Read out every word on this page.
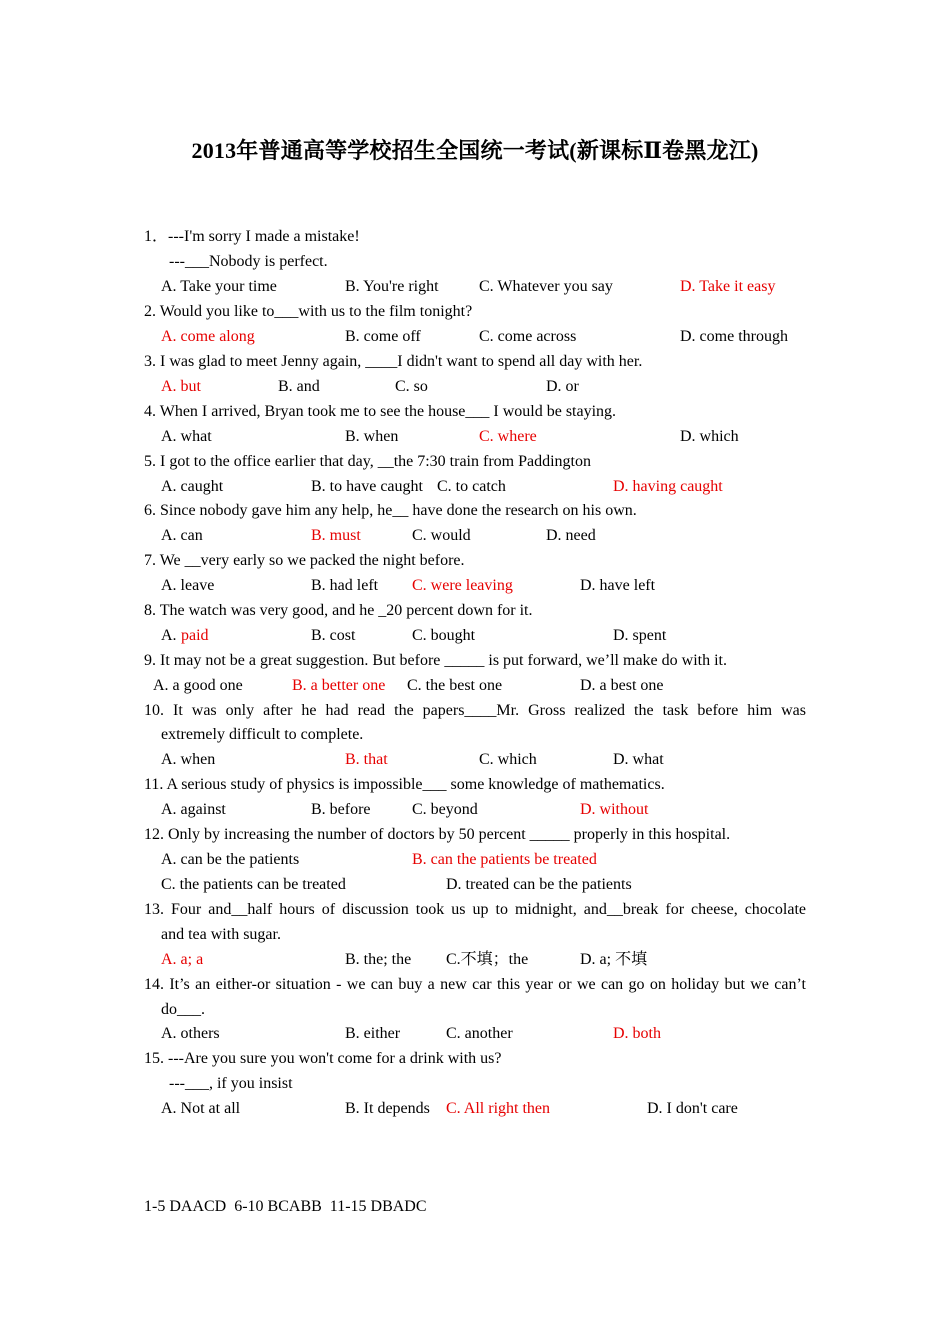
2013年普通高等学校招生全国统一考试(新课标Ⅱ卷黑龙江)
1．---I'm sorry I made a mistake!
---___Nobody is perfect.
A. Take your time	B. You're right	C. Whatever you say	D. Take it easy
2. Would you like to___with us to the film tonight?
A. come along	B. come off	C. come across	D. come through
3. I was glad to meet Jenny again, ____I didn't want to spend all day with her.
A. but	B. and	C. so	D. or
4. When I arrived, Bryan took me to see the house___ I would be staying.
A. what	B. when	C. where	D. which
5. I got to the office earlier that day, __the 7:30 train from Paddington
A. caught	B. to have caught C. to catch	D. having caught
6. Since nobody gave him any help, he__ have done the research on his own.
A. can	B. must	C. would	D. need
7. We __very early so we packed the night before.
A. leave	B. had left C. were leaving	D. have left
8. The watch was very good, and he _20 percent down for it.
A. paid	B. cost	C. bought	D. spent
9. It may not be a great suggestion. But before _____ is put forward, we’ll make do with it.
A. a good one	B. a better one C. the best one	D. a best one
10. It was only after he had read the papers____Mr. Gross realized the task before him was
extremely difficult to complete.
A. when	B. that	C. which	D. what
11. A serious study of physics is impossible___ some knowledge of mathematics.
A. against	B. before	C. beyond	D. without
12. Only by increasing the number of doctors by 50 percent _____ properly in this hospital.
A. can be the patients	B. can the patients be treated
C. the patients can be treated	D. treated can be the patients
13. Four and__half hours of discussion took us up to midnight, and__break for cheese, chocolate
and tea with sugar.
A. a; a	B. the; the C.不填；the	D. a; 不填
14. It’s an either-or situation - we can buy a new car this year or we can go on holiday but we can’t
do___.
A. others	B. either	C. another	D. both
15. ---Are you sure you won't come for a drink with us?
---___, if you insist
A. Not at all	B. It depends C. All right then	D. I don't care
1-5 DAACD  6-10 BCABB  11-15 DBADC
